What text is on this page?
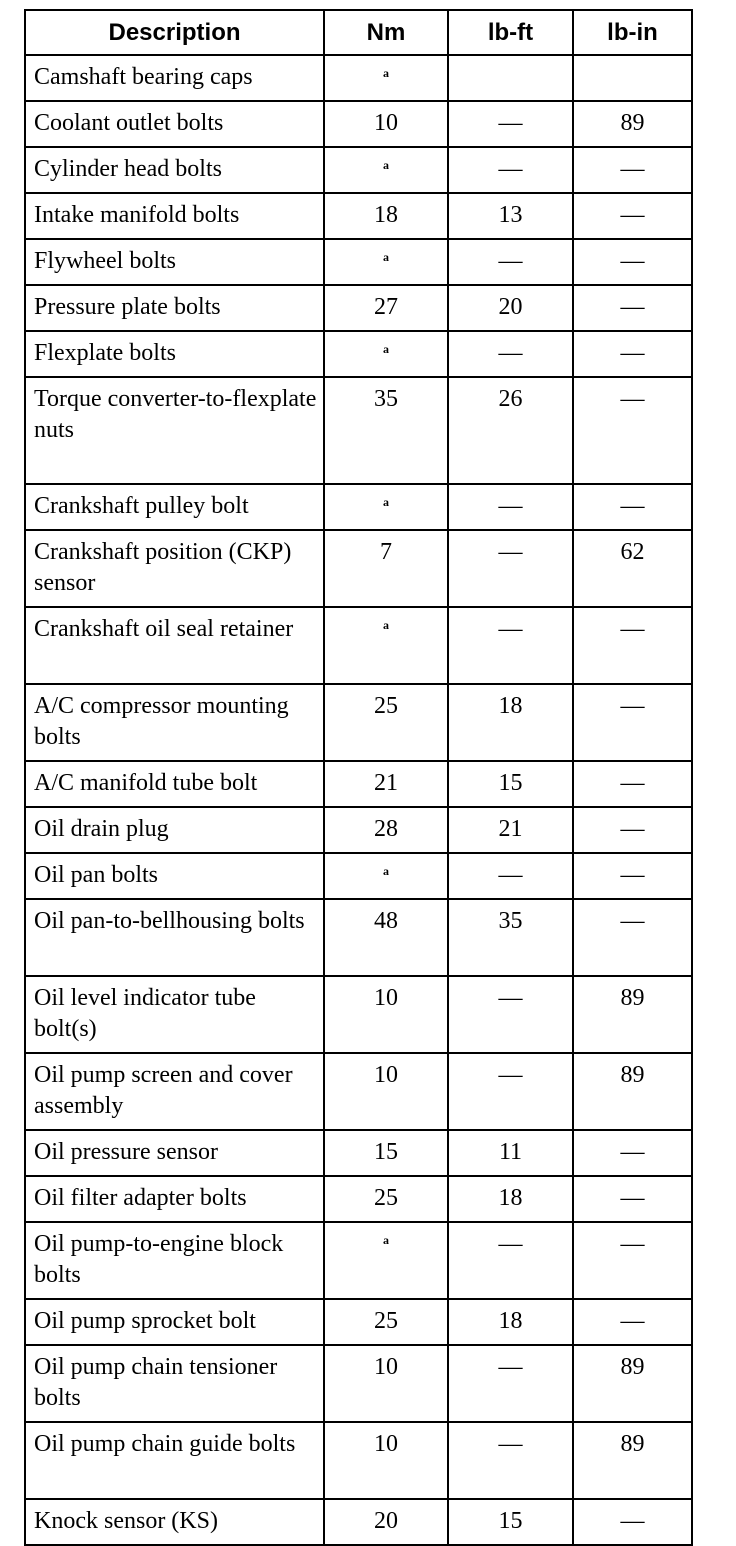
Description	Nm	lb-ft	lb-in
Camshaft bearing caps	$^a$		
Coolant outlet bolts	10	—	89
Cylinder head bolts	$^a$	—	—
Intake manifold bolts	18	13	—
Flywheel bolts	$^a$	—	—
Pressure plate bolts	27	20	—
Flexplate bolts	$^a$	—	—
Torque converter-to-flexplate nuts	35	26	—
Crankshaft pulley bolt	$^a$	—	—
Crankshaft position (CKP) sensor	7	—	62
Crankshaft oil seal retainer	$^a$	—	—
A/C compressor mounting bolts	25	18	—
A/C manifold tube bolt	21	15	—
Oil drain plug	28	21	—
Oil pan bolts	$^a$	—	—
Oil pan-to-bellhousing bolts	48	35	—
Oil level indicator tube bolt(s)	10	—	89
Oil pump screen and cover assembly	10	—	89
Oil pressure sensor	15	11	—
Oil filter adapter bolts	25	18	—
Oil pump-to-engine block bolts	$^a$	—	—
Oil pump sprocket bolt	25	18	—
Oil pump chain tensioner bolts	10	—	89
Oil pump chain guide bolts	10	—	89
Knock sensor (KS)	20	15	—
